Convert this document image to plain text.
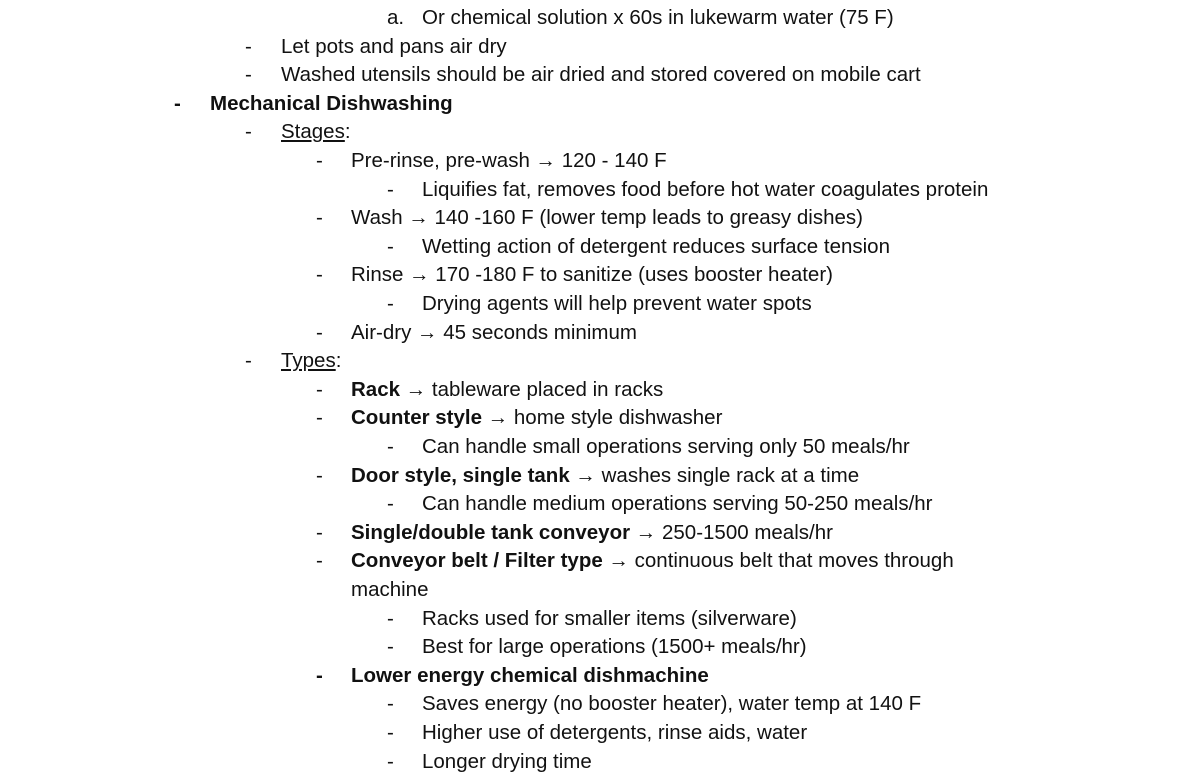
a. Or chemical solution x 60s in lukewarm water (75 F)
- Let pots and pans air dry
- Washed utensils should be air dried and stored covered on mobile cart
- Mechanical Dishwashing
- Stages:
- Pre-rinse, pre-wash → 120 - 140 F
- Liquifies fat, removes food before hot water coagulates protein
- Wash → 140 -160 F (lower temp leads to greasy dishes)
- Wetting action of detergent reduces surface tension
- Rinse → 170 -180 F to sanitize (uses booster heater)
- Drying agents will help prevent water spots
- Air-dry → 45 seconds minimum
- Types:
- Rack → tableware placed in racks
- Counter style → home style dishwasher
- Can handle small operations serving only 50 meals/hr
- Door style, single tank → washes single rack at a time
- Can handle medium operations serving 50-250 meals/hr
- Single/double tank conveyor → 250-1500 meals/hr
- Conveyor belt / Filter type → continuous belt that moves through
machine
- Racks used for smaller items (silverware)
- Best for large operations (1500+ meals/hr)
- Lower energy chemical dishmachine
- Saves energy (no booster heater), water temp at 140 F
- Higher use of detergents, rinse aids, water
- Longer drying time
